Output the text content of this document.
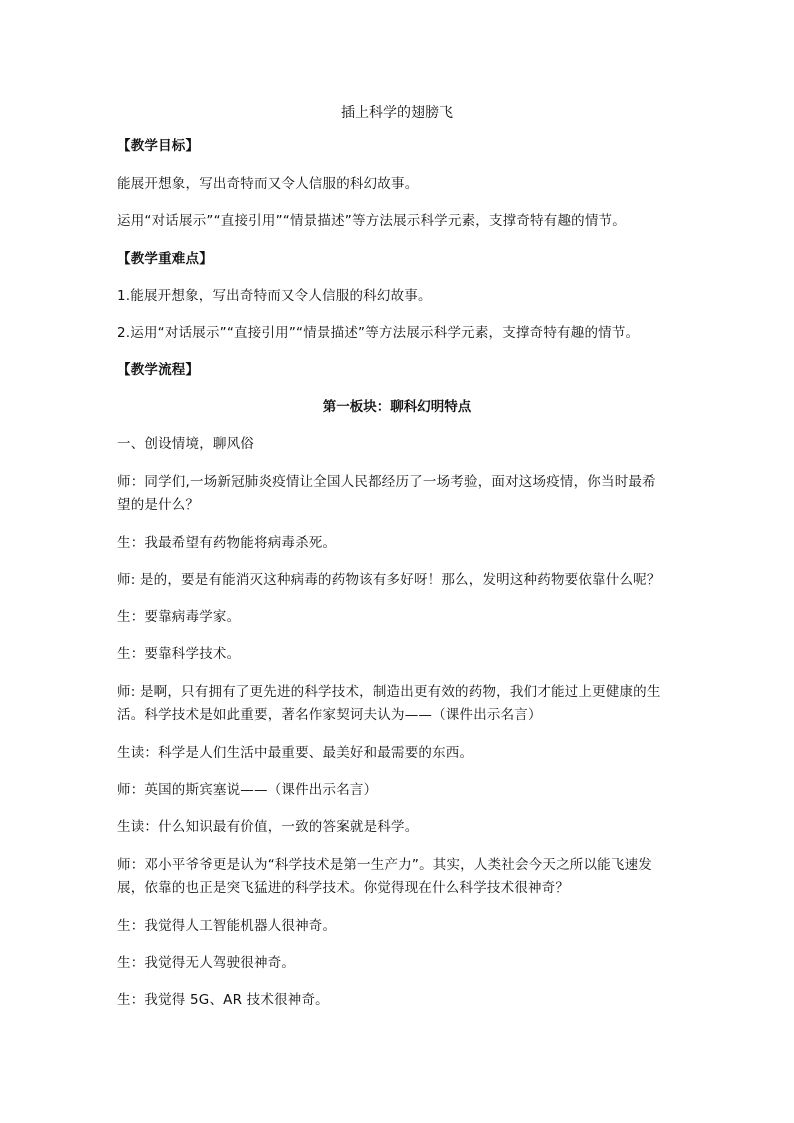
插上科学的翅膀飞
【教学目标】
能展开想象，写出奇特而又令人信服的科幻故事。
运用“对话展示”“直接引用”“情景描述”等方法展示科学元素，支撑奇特有趣的情节。
【教学重难点】
1.能展开想象，写出奇特而又令人信服的科幻故事。
2.运用“对话展示”“直接引用”“情景描述”等方法展示科学元素，支撑奇特有趣的情节。
【教学流程】
第一板块：聊科幻明特点
一、创设情境，聊风俗
师：同学们,一场新冠肺炎疫情让全国人民都经历了一场考验，面对这场疫情，你当时最希
望的是什么？
生：我最希望有药物能将病毒杀死。
师: 是的，要是有能消灭这种病毒的药物该有多好呀！那么，发明这种药物要依靠什么呢？
生：要靠病毒学家。
生：要靠科学技术。
师: 是啊，只有拥有了更先进的科学技术，制造出更有效的药物，我们才能过上更健康的生
活。科学技术是如此重要，著名作家契诃夫认为——（课件出示名言）
生读：科学是人们生活中最重要、最美好和最需要的东西。
师：英国的斯宾塞说——（课件出示名言）
生读：什么知识最有价值，一致的答案就是科学。
师：邓小平爷爷更是认为“科学技术是第一生产力”。其实，人类社会今天之所以能飞速发
展，依靠的也正是突飞猛进的科学技术。你觉得现在什么科学技术很神奇？
生：我觉得人工智能机器人很神奇。
生：我觉得无人驾驶很神奇。
生：我觉得 5G、AR 技术很神奇。
